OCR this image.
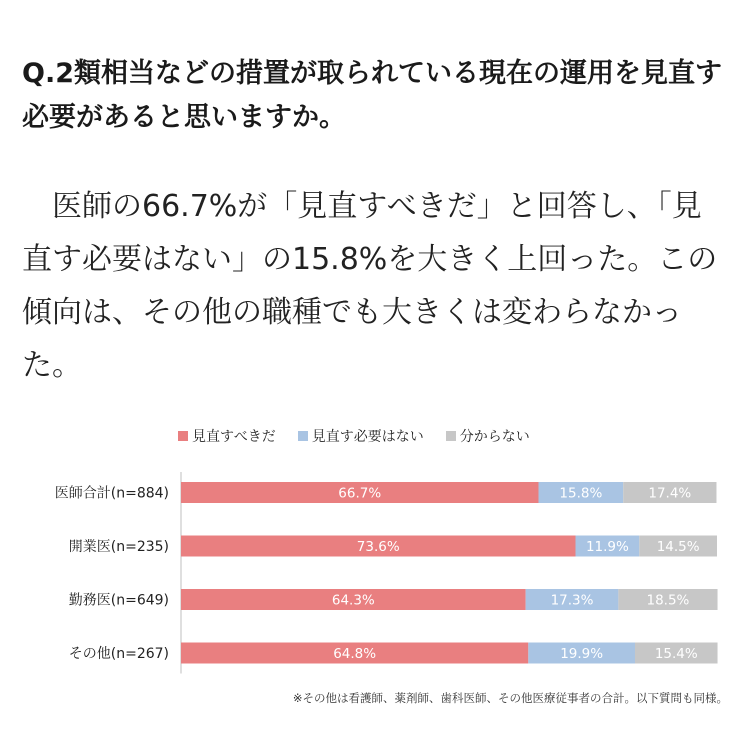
Q.2類相当などの措置が取られている現在の運用を見直す必要があると思いますか。

医師の66.7%が「見直すべきだ」と回答し、「見直す必要はない」の15.8%を大きく上回った。この傾向は、その他の職種でも大きくは変わらなかった。

見直すべきだ	見直す必要はない	分からない
医師合計(n=884)	66.7%	15.8%	17.4%
開業医(n=235)	73.6%	11.9% 14.5%
勤務医(n=649)	64.3%	17.3%	18.5%
その他(n=267)	64.8%	19.9%	15.4%

※その他は看護師、薬剤師、歯科医師、その他医療従事者の合計。以下質問も同様。
